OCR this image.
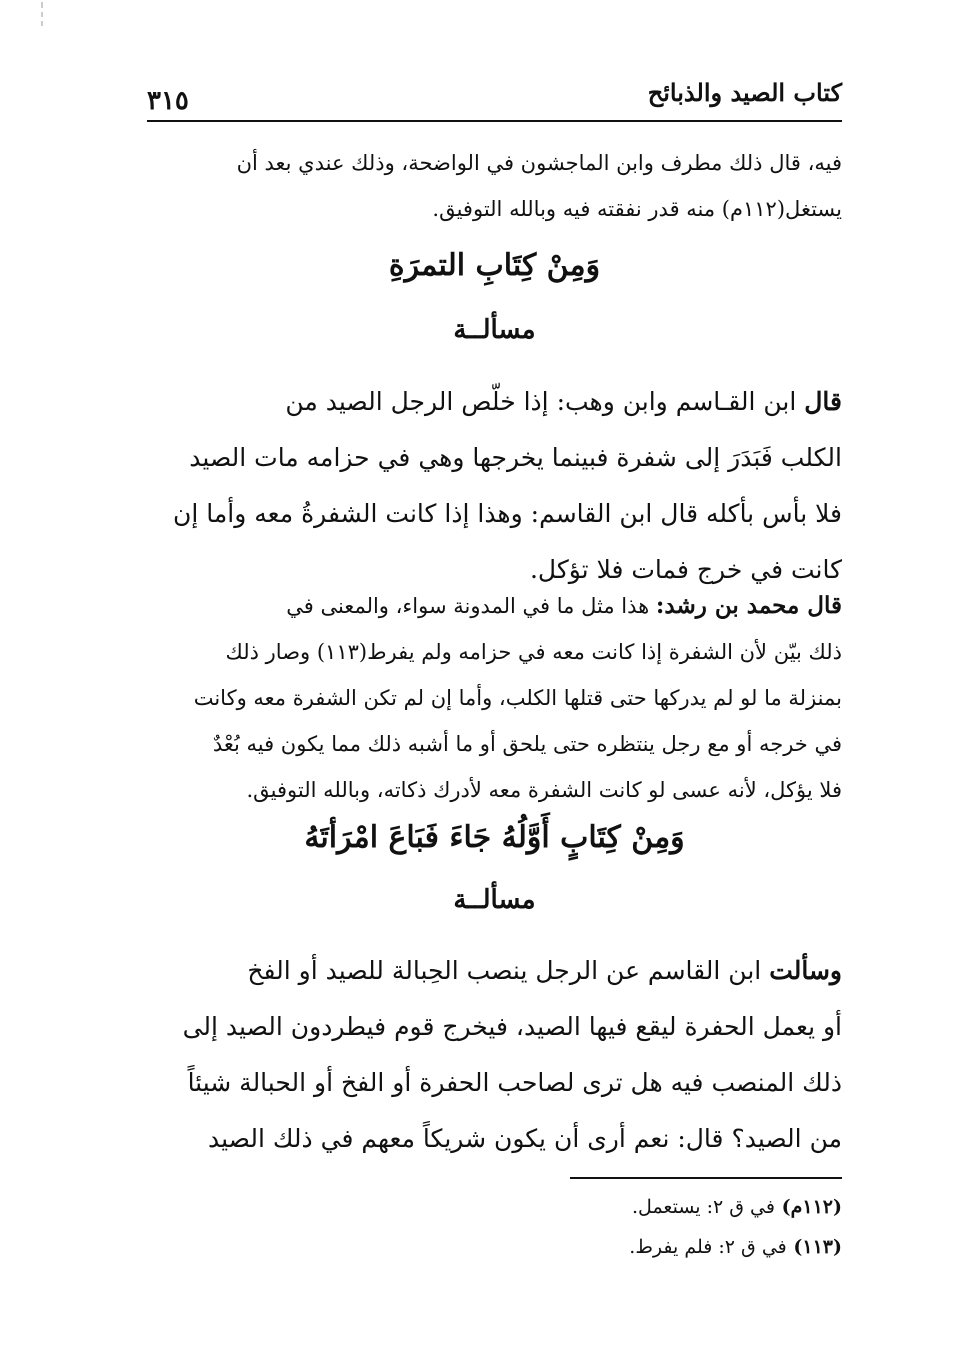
كتاب الصيد والذبائح
٣١٥
فيه، قال ذلك مطرف وابن الماجشون في الواضحة، وذلك عندي بعد أن
يستغل(١١٢م) منه قدر نفقته فيه وبالله التوفيق.
وَمِنْ كِتَابِ التمرَةِ
مسألــة
قال ابن القـاسم وابن وهب: إذا خلّص الرجل الصيد من
الكلب فَبَدَرَ إلى شفرة فبينما يخرجها وهي في حزامه مات الصيد
فلا بأس بأكله قال ابن القاسم: وهذا إذا كانت الشفرةُ معه وأما إن
كانت في خرج فمات فلا تؤكل.
قال محمد بن رشد: هذا مثل ما في المدونة سواء، والمعنى في
ذلك بيّن لأن الشفرة إذا كانت معه في حزامه ولم يفرط(١١٣) وصار ذلك
بمنزلة ما لو لم يدركها حتى قتلها الكلب، وأما إن لم تكن الشفرة معه وكانت
في خرجه أو مع رجل ينتظره حتى يلحق أو ما أشبه ذلك مما يكون فيه بُعْدٌ
فلا يؤكل، لأنه عسى لو كانت الشفرة معه لأدرك ذكاته، وبالله التوفيق.
وَمِنْ كِتَابٍ أَوَّلُهُ جَاءَ فَبَاعَ امْرَأتَهُ
مسألــة
وسألت ابن القاسم عن الرجل ينصب الحِبالة للصيد أو الفخ
أو يعمل الحفرة ليقع فيها الصيد، فيخرج قوم فيطردون الصيد إلى
ذلك المنصب فيه هل ترى لصاحب الحفرة أو الفخ أو الحبالة شيئاً
من الصيد؟ قال: نعم أرى أن يكون شريكاً معهم في ذلك الصيد
(١١٢م) في ق ٢: يستعمل.
(١١٣) في ق ٢: فلم يفرط.
